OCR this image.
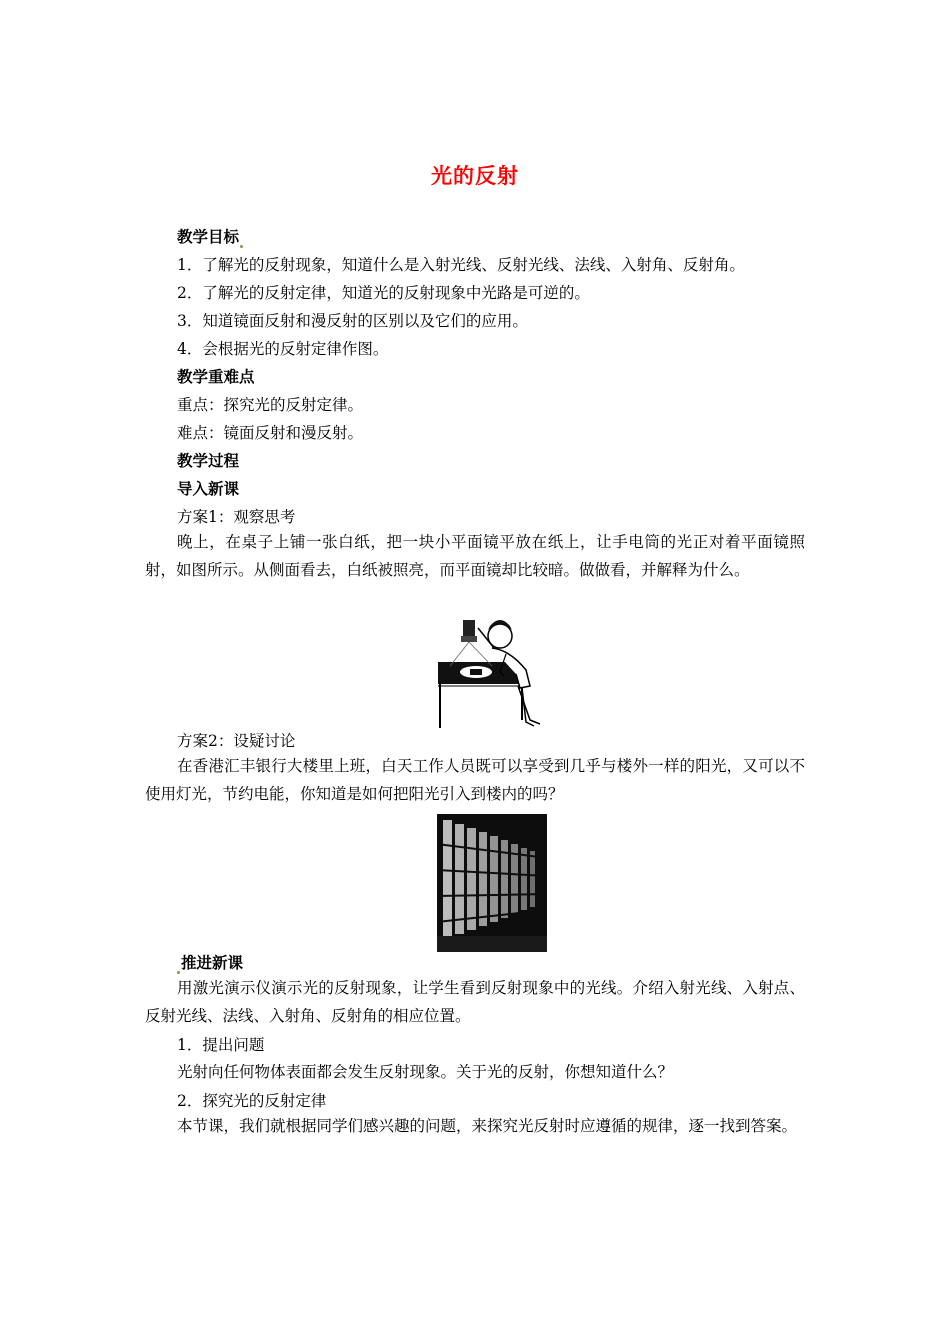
光的反射
教学目标
1．了解光的反射现象，知道什么是入射光线、反射光线、法线、入射角、反射角。
2．了解光的反射定律，知道光的反射现象中光路是可逆的。
3．知道镜面反射和漫反射的区别以及它们的应用。
4．会根据光的反射定律作图。
教学重难点
重点：探究光的反射定律。
难点：镜面反射和漫反射。
教学过程
导入新课
方案1：观察思考
晚上，在桌子上铺一张白纸，把一块小平面镜平放在纸上，让手电筒的光正对着平面镜照射，如图所示。从侧面看去，白纸被照亮，而平面镜却比较暗。做做看，并解释为什么。
方案2：设疑讨论
在香港汇丰银行大楼里上班，白天工作人员既可以享受到几乎与楼外一样的阳光，又可以不使用灯光，节约电能，你知道是如何把阳光引入到楼内的吗？
推进新课
用激光演示仪演示光的反射现象，让学生看到反射现象中的光线。介绍入射光线、入射点、反射光线、法线、入射角、反射角的相应位置。
1．提出问题
光射向任何物体表面都会发生反射现象。关于光的反射，你想知道什么？
2．探究光的反射定律
本节课，我们就根据同学们感兴趣的问题，来探究光反射时应遵循的规律，逐一找到答案。
